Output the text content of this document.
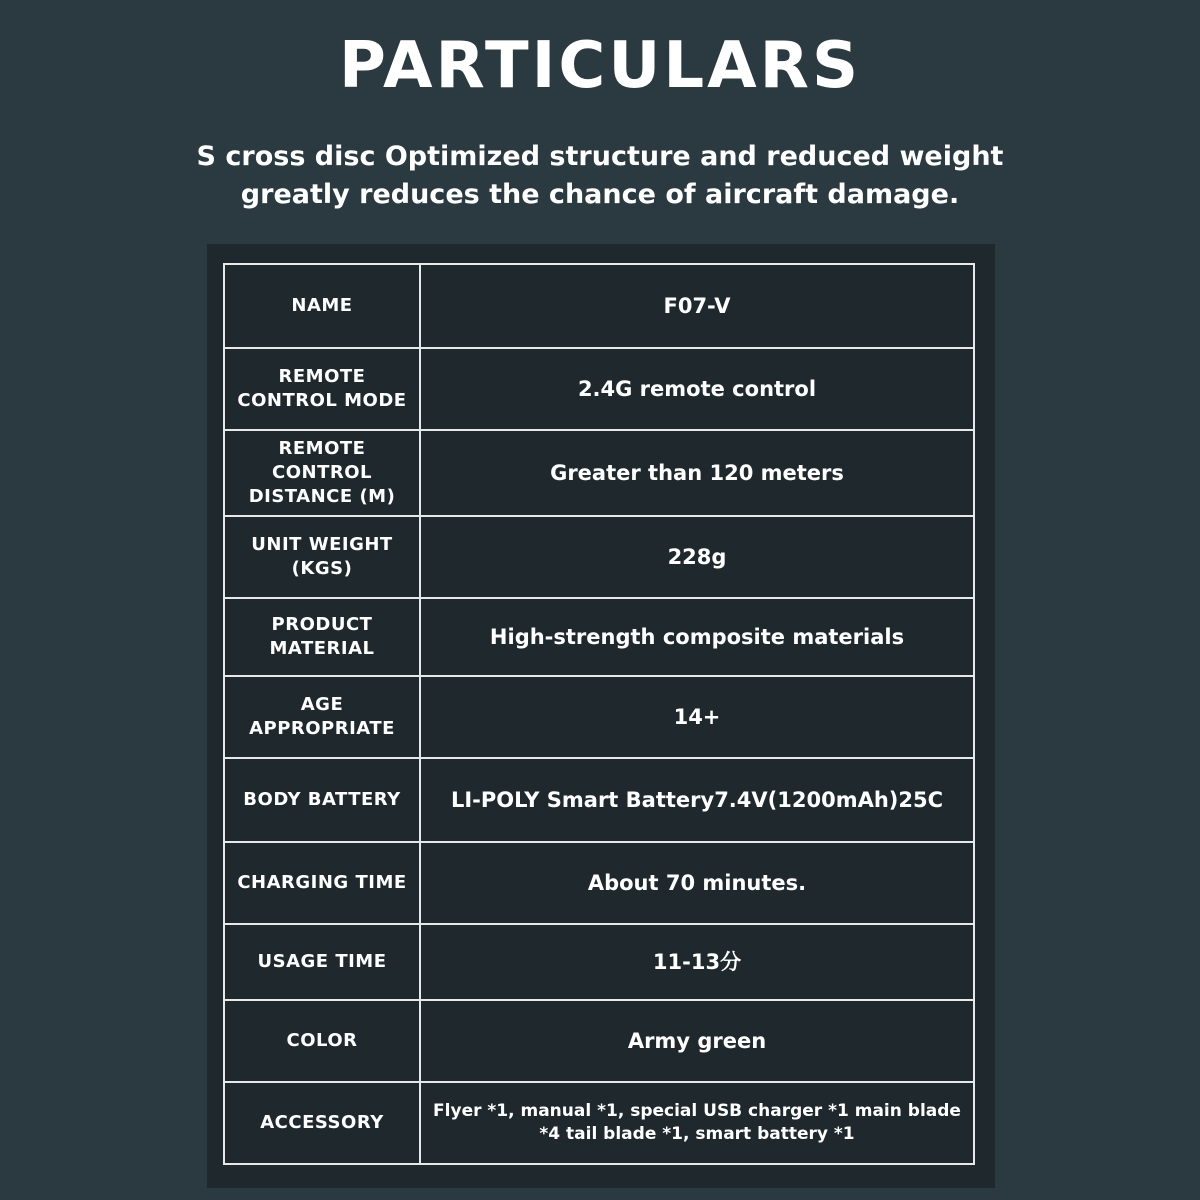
PARTICULARS

S cross disc Optimized structure and reduced weight
greatly reduces the chance of aircraft damage.

NAME	F07-V
REMOTE CONTROL MODE	2.4G remote control
REMOTE CONTROL DISTANCE (M)	Greater than 120 meters
UNIT WEIGHT (KGS)	228g
PRODUCT MATERIAL	High-strength composite materials
AGE APPROPRIATE	14+
BODY BATTERY	LI-POLY Smart Battery7.4V(1200mAh)25C
CHARGING TIME	About 70 minutes.
USAGE TIME	11-13分
COLOR	Army green
ACCESSORY	Flyer *1, manual *1, special USB charger *1 main blade *4 tail blade *1, smart battery *1
